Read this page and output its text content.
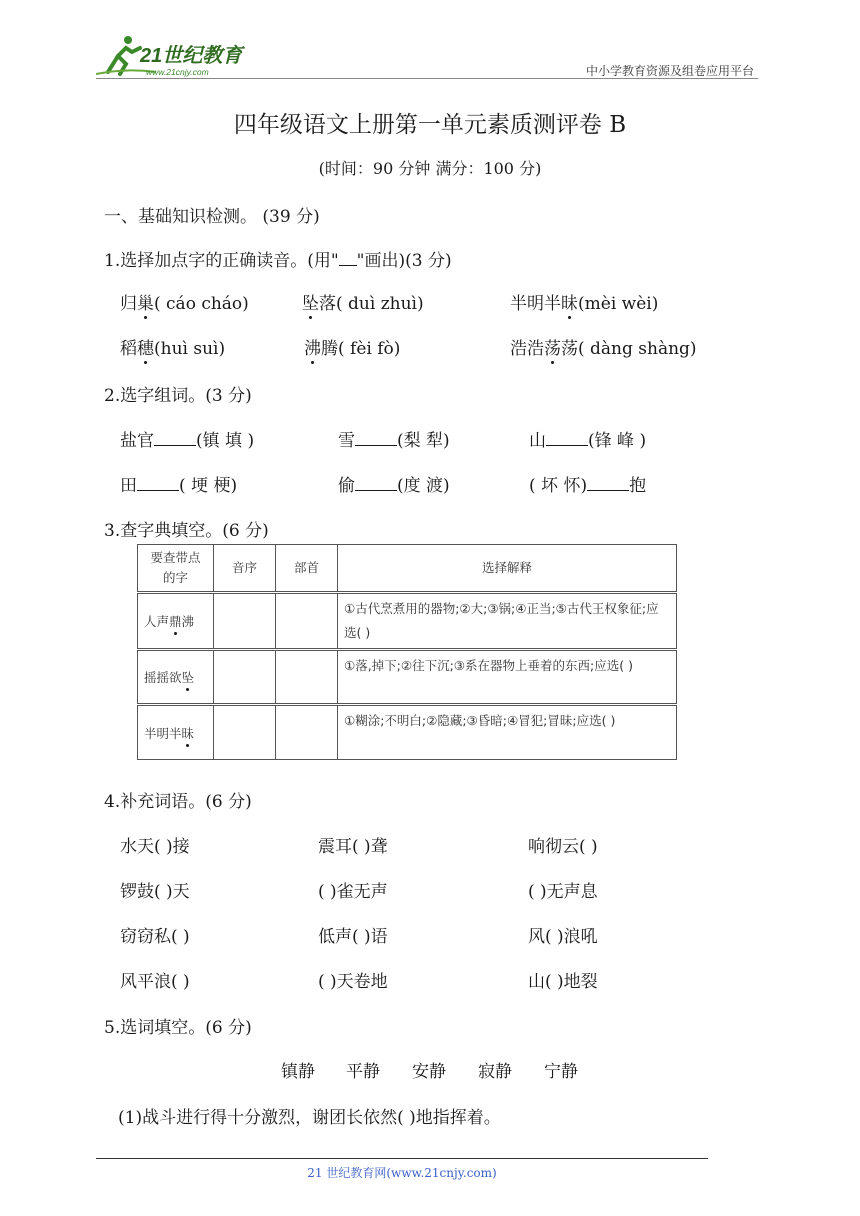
21世纪教育
www.21cnjy.com	中小学教育资源及组卷应用平台
四年级语文上册第一单元素质测评卷 B
(时间：90 分钟 满分：100 分)
一、基础知识检测。 (39 分)
1.选择加点字的正确读音。(用" "画出)(3 分)
归巢( cáo cháo)	坠落( duì zhuì)	半明半昧(mèi wèi)
稻穗(huì suì)	沸腾( fèi fò)	浩浩荡荡( dàng shàng)
2.选字组词。(3 分)
盐官 (镇 填 )	雪 (梨 犁)	山 (锋 峰 )
田 ( 埂 梗)	偷 (度 渡)	( 坏 怀) 抱
3.查字典填空。(6 分)
要查带点的字	音序	部首	选择解释
人声鼎沸			①古代烹煮用的器物;②大;③锅;④正当;⑤古代王权象征;应选( )
摇摇欲坠			①落,掉下;②往下沉;③系在器物上垂着的东西;应选( )
半明半昧			①糊涂;不明白;②隐藏;③昏暗;④冒犯;冒昧;应选( )
4.补充词语。(6 分)
水天( )接	震耳( )聋	响彻云( )
锣鼓( )天	( )雀无声	( )无声息
窃窃私( )	低声( )语	风( )浪吼
风平浪( )	( )天卷地	山( )地裂
5.选词填空。(6 分)
镇静 平静 安静 寂静 宁静
(1)战斗进行得十分激烈，谢团长依然( )地指挥着。
21 世纪教育网(www.21cnjy.com)
